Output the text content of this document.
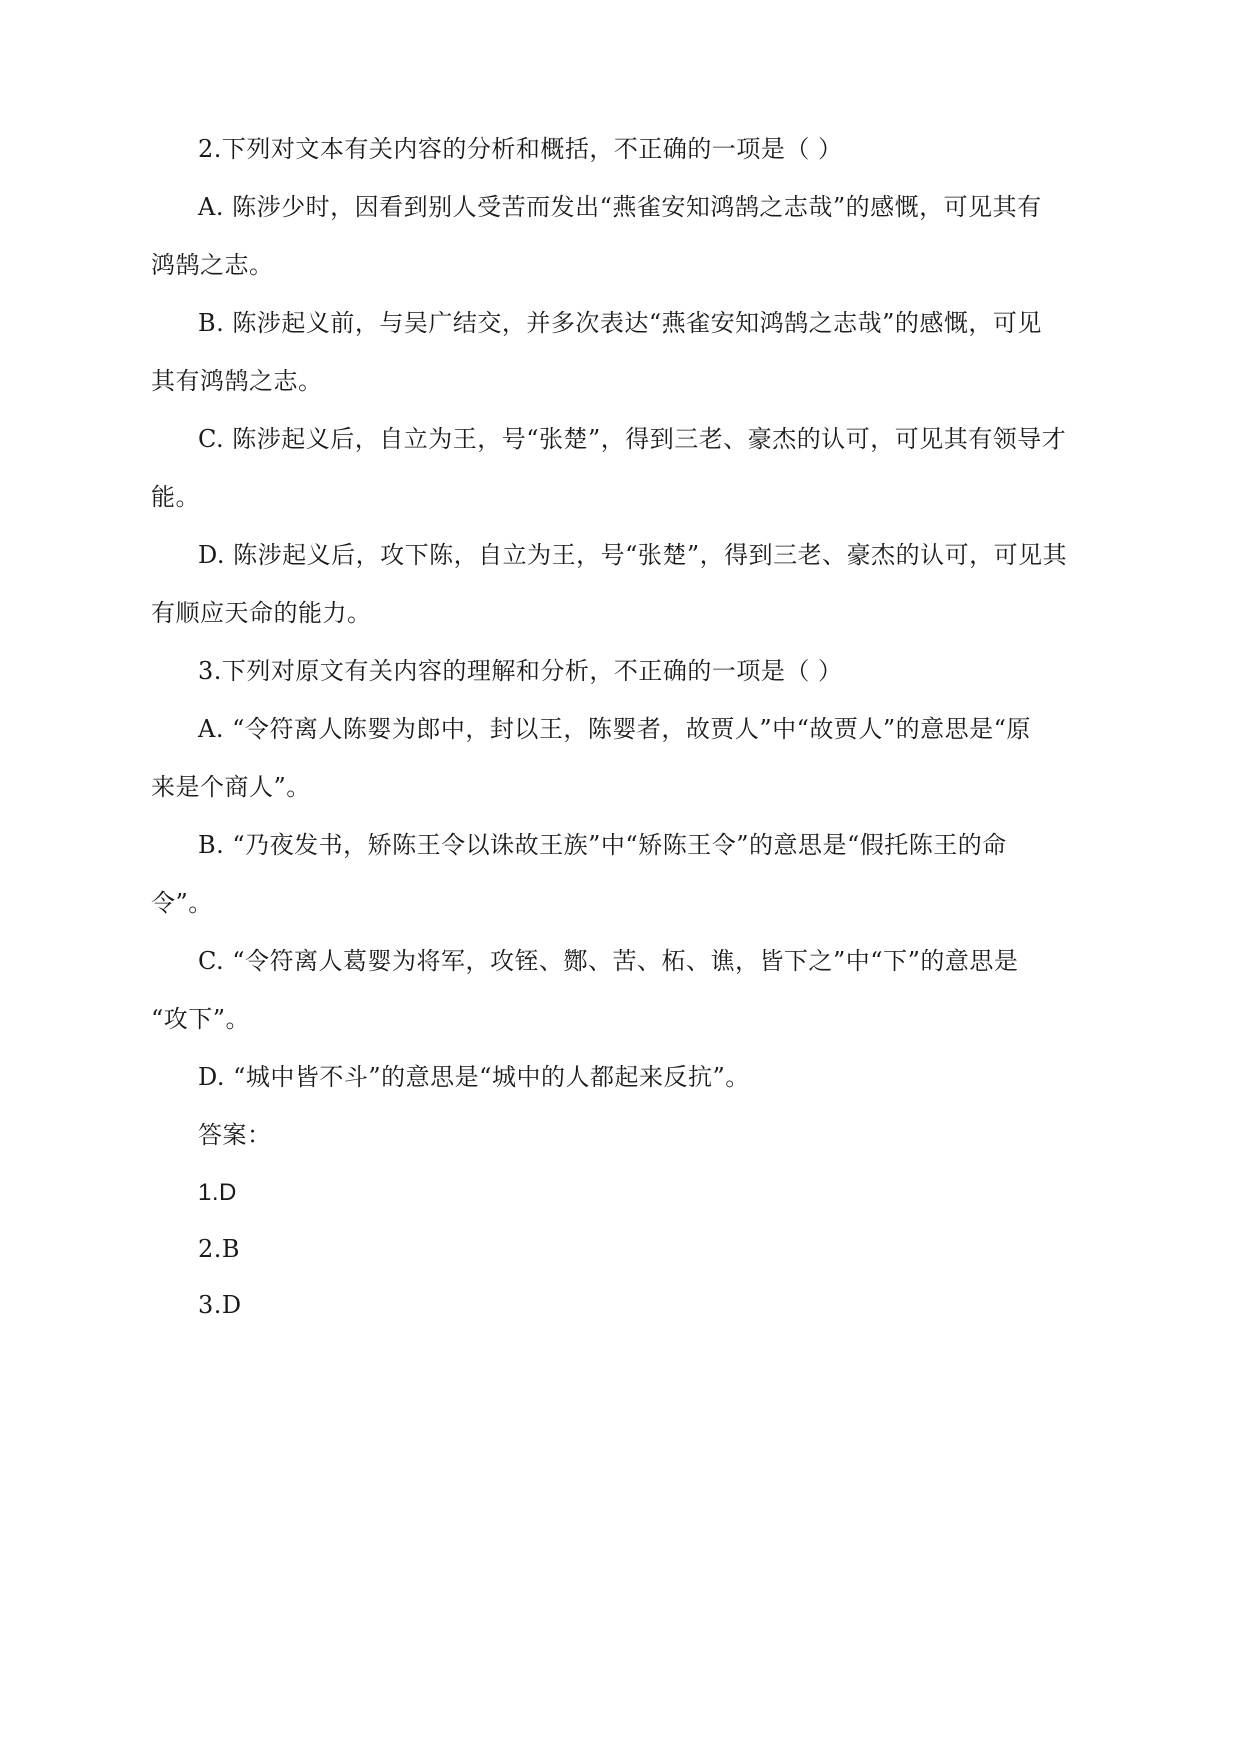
2.下列对文本有关内容的分析和概括，不正确的一项是（ ）
A. 陈涉少时，因看到别人受苦而发出“燕雀安知鸿鹄之志哉”的感慨，可见其有
鸿鹄之志。
B. 陈涉起义前，与吴广结交，并多次表达“燕雀安知鸿鹄之志哉”的感慨，可见
其有鸿鹄之志。
C. 陈涉起义后，自立为王，号“张楚”，得到三老、豪杰的认可，可见其有领导才
能。
D. 陈涉起义后，攻下陈，自立为王，号“张楚”，得到三老、豪杰的认可，可见其
有顺应天命的能力。
3.下列对原文有关内容的理解和分析，不正确的一项是（ ）
A. “令符离人陈婴为郎中，封以王，陈婴者，故贾人”中“故贾人”的意思是“原
来是个商人”。
B. “乃夜发书，矫陈王令以诛故王族”中“矫陈王令”的意思是“假托陈王的命
令”。
C. “令符离人葛婴为将军，攻铚、酂、苦、柘、谯，皆下之”中“下”的意思是
“攻下”。
D. “城中皆不斗”的意思是“城中的人都起来反抗”。
答案：
1.D
2.B
3.D
